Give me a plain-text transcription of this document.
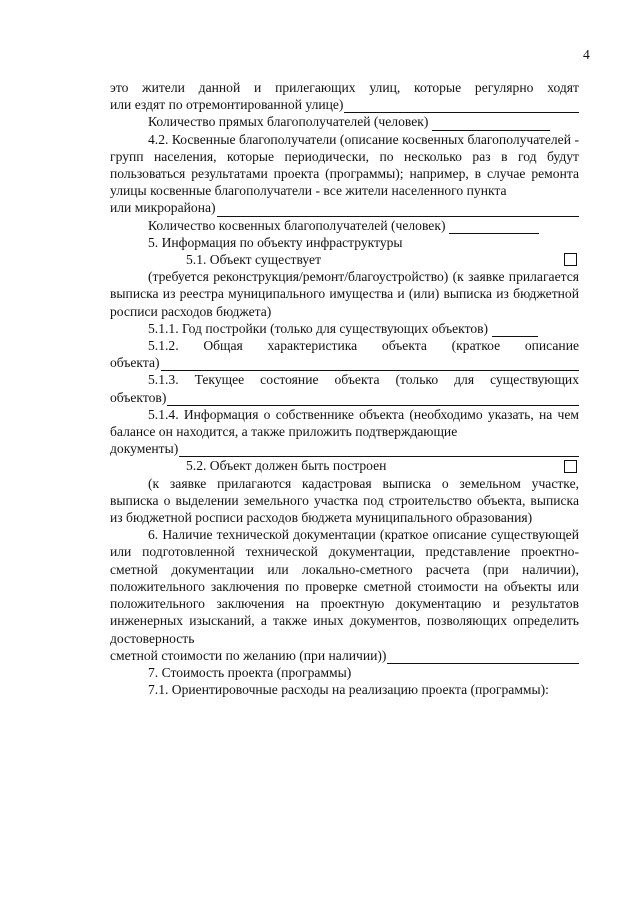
4

это жители данной и прилегающих улиц, которые регулярно ходят

или ездят по отремонтированной улице)
Количество прямых благополучателей (человек)

4.2. Косвенные благополучатели (описание косвенных благополучателей - групп населения, которые периодически, по несколько раз в год будут пользоваться результатами проекта (программы); например, в случае ремонта улицы косвенные благополучатели - все жители населенного пункта

или микрорайона)
Количество косвенных благополучателей (человек)

5. Информация по объекту инфраструктуры

5.1. Объект существует

(требуется реконструкция/ремонт/благоустройство) (к заявке прилагается выписка из реестра муниципального имущества и (или) выписка из бюджетной росписи расходов бюджета)

5.1.1. Год постройки (только для существующих объектов)

5.1.2. Общая характеристика объекта (краткое описание

объекта)

5.1.3. Текущее состояние объекта (только для существующих

объектов)

5.1.4. Информация о собственнике объекта (необходимо указать, на чем балансе он находится, а также приложить подтверждающие

документы)
5.2. Объект должен быть построен

(к заявке прилагаются кадастровая выписка о земельном участке, выписка о выделении земельного участка под строительство объекта, выписка из бюджетной росписи расходов бюджета муниципального образования)

6. Наличие технической документации (краткое описание существующей или подготовленной технической документации, представление проектно-сметной документации или локально-сметного расчета (при наличии), положительного заключения по проверке сметной стоимости на объекты или положительного заключения на проектную документацию и результатов инженерных изысканий, а также иных документов, позволяющих определить достоверность

сметной стоимости по желанию (при наличии))

7. Стоимость проекта (программы)

7.1. Ориентировочные расходы на реализацию проекта (программы):
